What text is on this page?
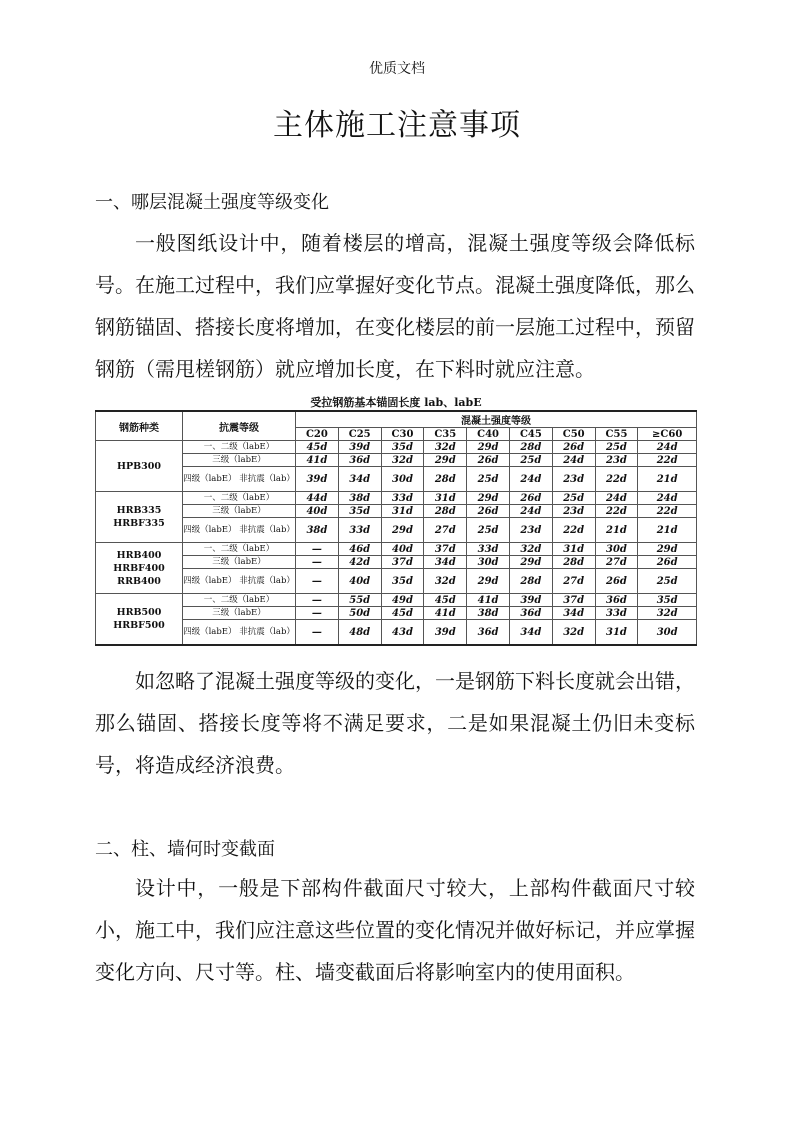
优质文档
主体施工注意事项
一、哪层混凝土强度等级变化

一般图纸设计中，随着楼层的增高，混凝土强度等级会降低标号。在施工过程中，我们应掌握好变化节点。混凝土强度降低，那么钢筋锚固、搭接长度将增加，在变化楼层的前一层施工过程中，预留钢筋（需甩槎钢筋）就应增加长度，在下料时就应注意。

受拉钢筋基本锚固长度 lab、labE
钢筋种类	抗震等级	混凝土强度等级								
		C20	C25	C30	C35	C40	C45	C50	C55	≥C60
HPB300	一、二级（labE）	45d	39d	35d	32d	29d	28d	26d	25d	24d
	三级（labE）	41d	36d	32d	29d	26d	25d	24d	23d	22d
	四级（labE） 非抗震（lab）	39d	34d	30d	28d	25d	24d	23d	22d	21d
HRB335 HRBF335	一、二级（labE）	44d	38d	33d	31d	29d	26d	25d	24d	24d
	三级（labE）	40d	35d	31d	28d	26d	24d	23d	22d	22d
	四级（labE） 非抗震（lab）	38d	33d	29d	27d	25d	23d	22d	21d	21d
HRB400 HRBF400 RRB400	一、二级（labE）	—	46d	40d	37d	33d	32d	31d	30d	29d
	三级（labE）	—	42d	37d	34d	30d	29d	28d	27d	26d
	四级（labE） 非抗震（lab）	—	40d	35d	32d	29d	28d	27d	26d	25d
HRB500 HRBF500	一、二级（labE）	—	55d	49d	45d	41d	39d	37d	36d	35d
	三级（labE）	—	50d	45d	41d	38d	36d	34d	33d	32d
	四级（labE） 非抗震（lab）	—	48d	43d	39d	36d	34d	32d	31d	30d

如忽略了混凝土强度等级的变化，一是钢筋下料长度就会出错，那么锚固、搭接长度等将不满足要求，二是如果混凝土仍旧未变标号，将造成经济浪费。

二、柱、墙何时变截面

设计中，一般是下部构件截面尺寸较大，上部构件截面尺寸较小，施工中，我们应注意这些位置的变化情况并做好标记，并应掌握变化方向、尺寸等。柱、墙变截面后将影响室内的使用面积。
